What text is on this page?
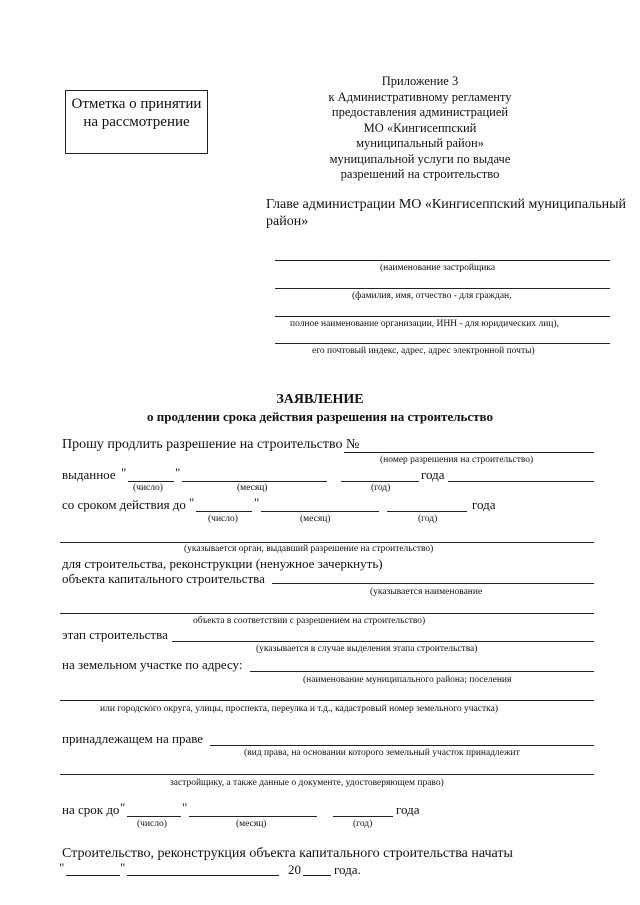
Отметка о принятии на рассмотрение
Приложение 3
к Административному регламенту
предоставления администрацией
МО «Кингисеппский муниципальный район»
муниципальной услуги по выдаче
разрешений на строительство
Главе администрации МО «Кингисеппский муниципальный
район»
(наименование застройщика
(фамилия, имя, отчество - для граждан,
полное наименование организации, ИНН - для юридических лиц),
его почтовый индекс, адрес, адрес электронной почты)
ЗАЯВЛЕНИЕ
о продлении срока действия разрешения на строительство
Прошу продлить разрешение на строительство №
(номер разрешения на строительство)
выданное "	"	года
(число)	(месяц)	(год)
со сроком действия до "	"	года
(число)	(месяц)	(год)
(указывается орган, выдавший разрешение на строительство)
для строительства, реконструкции (ненужное зачеркнуть)
объекта капитального строительства
(указывается наименование
объекта в соответствии с разрешением на строительство)
этап строительства
(указывается в случае выделения этапа строительства)
на земельном участке по адресу:
(наименование муниципального района; поселения
или городского округа, улицы, проспекта, переулка и т.д., кадастровый номер земельного участка)
принадлежащем на праве
(вид права, на основании которого земельный участок принадлежит
застройщику, а также данные о документе, удостоверяющем право)
на срок до "	"	года
(число)	(месяц)	(год)
Строительство, реконструкция объекта капитального строительства начаты
"	"	20	года.
